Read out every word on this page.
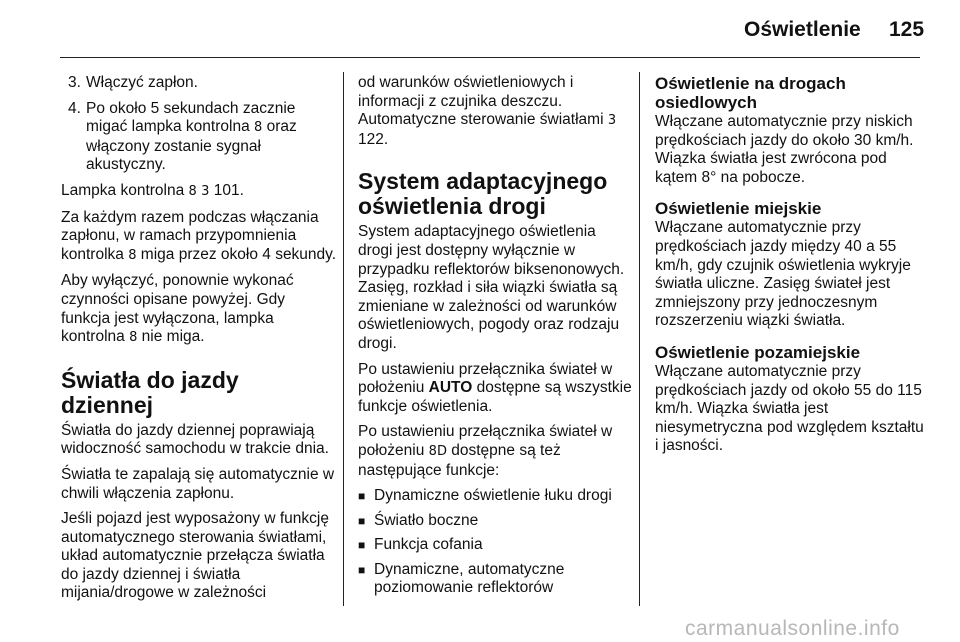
Oświetlenie 125
3. Włączyć zapłon.
4. Po około 5 sekundach zacznie migać lampka kontrolna 8 oraz włączony zostanie sygnał akustyczny.

Lampka kontrolna 8 3 101.

Za każdym razem podczas włączania zapłonu, w ramach przypomnienia kontrolka 8 miga przez około 4 sekundy.

Aby wyłączyć, ponownie wykonać czynności opisane powyżej. Gdy funkcja jest wyłączona, lampka kontrolna 8 nie miga.

Światła do jazdy dziennej

Światła do jazdy dziennej poprawiają widoczność samochodu w trakcie dnia.

Światła te zapalają się automatycznie w chwili włączenia zapłonu.

Jeśli pojazd jest wyposażony w funkcję automatycznego sterowania światłami, układ automatycznie przełącza światła do jazdy dziennej i światła mijania/drogowe w zależności

od warunków oświetleniowych i informacji z czujnika deszczu. Automatyczne sterowanie światłami 3 122.

System adaptacyjnego oświetlenia drogi

System adaptacyjnego oświetlenia drogi jest dostępny wyłącznie w przypadku reflektorów biksenonowych. Zasięg, rozkład i siła wiązki światła są zmieniane w zależności od warunków oświetleniowych, pogody oraz rodzaju drogi.

Po ustawieniu przełącznika świateł w położeniu AUTO dostępne są wszystkie funkcje oświetlenia.

Po ustawieniu przełącznika świateł w położeniu 8D dostępne są też następujące funkcje:

■ Dynamiczne oświetlenie łuku drogi
■ Światło boczne
■ Funkcja cofania
■ Dynamiczne, automatyczne poziomowanie reflektorów
Oświetlenie na drogach osiedlowych

Włączane automatycznie przy niskich prędkościach jazdy do około 30 km/h. Wiązka światła jest zwrócona pod kątem 8° na pobocze.

Oświetlenie miejskie

Włączane automatycznie przy prędkościach jazdy między 40 a 55 km/h, gdy czujnik oświetlenia wykryje światła uliczne. Zasięg świateł jest zmniejszony przy jednoczesnym rozszerzeniu wiązki światła.

Oświetlenie pozamiejskie

Włączane automatycznie przy prędkościach jazdy od około 55 do 115 km/h. Wiązka światła jest niesymetryczna pod względem kształtu i jasności.

carmanualsonline.info
